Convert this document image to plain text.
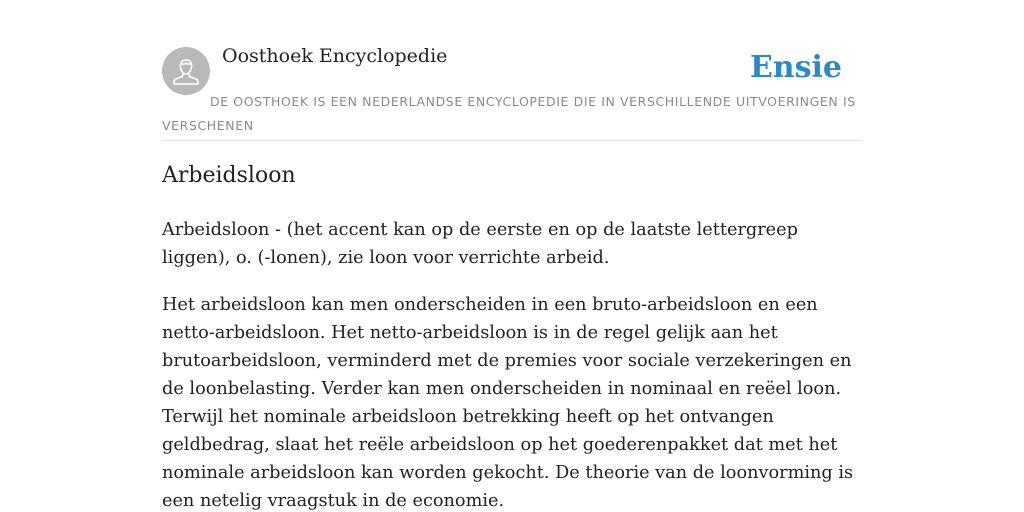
Oosthoek Encyclopedie	Ensie
DE OOSTHOEK IS EEN NEDERLANDSE ENCYCLOPEDIE DIE IN VERSCHILLENDE UITVOERINGEN IS VERSCHENEN
Arbeidsloon

Arbeidsloon - (het accent kan op de eerste en op de laatste lettergreep liggen), o. (-lonen), zie loon voor verrichte arbeid.

Het arbeidsloon kan men onderscheiden in een bruto-arbeidsloon en een netto-arbeidsloon. Het netto-arbeidsloon is in de regel gelijk aan het brutoarbeidsloon, verminderd met de premies voor sociale verzekeringen en de loonbelasting. Verder kan men onderscheiden in nominaal en reëel loon. Terwijl het nominale arbeidsloon betrekking heeft op het ontvangen geldbedrag, slaat het reële arbeidsloon op het goederenpakket dat met het nominale arbeidsloon kan worden gekocht. De theorie van de loonvorming is een netelig vraagstuk in de economie.
